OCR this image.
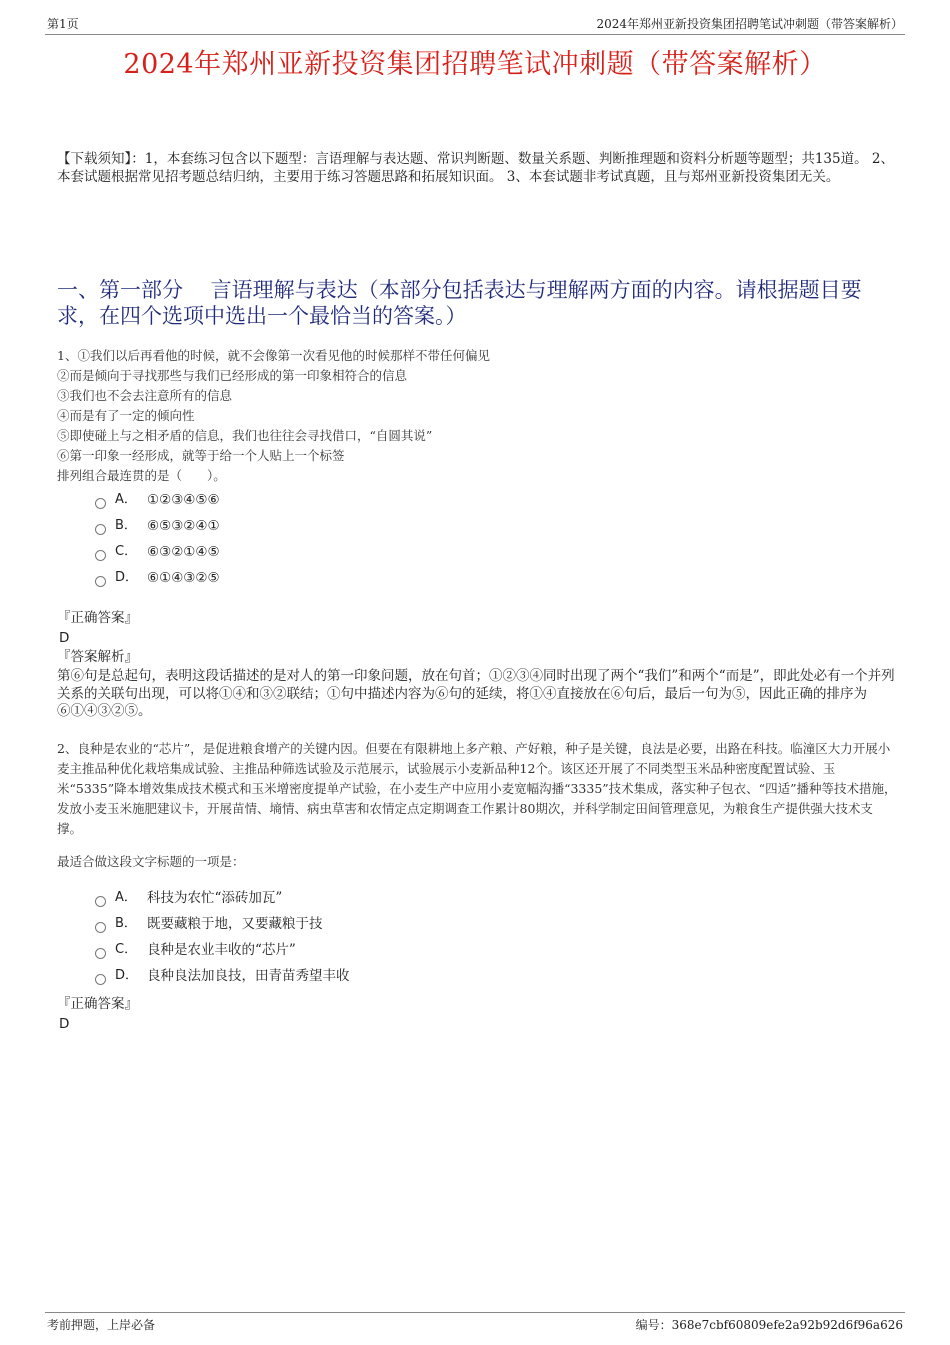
第1页	2024年郑州亚新投资集团招聘笔试冲刺题（带答案解析）
2024年郑州亚新投资集团招聘笔试冲刺题（带答案解析）
【下载须知】：1，本套练习包含以下题型：言语理解与表达题、常识判断题、数量关系题、判断推理题和资料分析题等题型；共135道。 2、本套试题根据常见招考题总结归纳，主要用于练习答题思路和拓展知识面。 3、本套试题非考试真题，且与郑州亚新投资集团无关。
一、第一部分　 言语理解与表达（本部分包括表达与理解两方面的内容。请根据题目要求，在四个选项中选出一个最恰当的答案。）
1、①我们以后再看他的时候，就不会像第一次看见他的时候那样不带任何偏见
②而是倾向于寻找那些与我们已经形成的第一印象相符合的信息
③我们也不会去注意所有的信息
④而是有了一定的倾向性
⑤即使碰上与之相矛盾的信息，我们也往往会寻找借口，“自圆其说”
⑥第一印象一经形成，就等于给一个人贴上一个标签
排列组合最连贯的是（　　）。
A． ①②③④⑤⑥
B． ⑥⑤③②④①
C． ⑥③②①④⑤
D． ⑥①④③②⑤
『正确答案』
D
『答案解析』
第⑥句是总起句，表明这段话描述的是对人的第一印象问题，放在句首；①②③④同时出现了两个“我们”和两个“而是”，即此处必有一个并列关系的关联句出现，可以将①④和③②联结；①句中描述内容为⑥句的延续，将①④直接放在⑥句后，最后一句为⑤，因此正确的排序为⑥①④③②⑤。
2、良种是农业的“芯片”，是促进粮食增产的关键内因。但要在有限耕地上多产粮、产好粮，种子是关键，良法是必要，出路在科技。临潼区大力开展小麦主推品种优化栽培集成试验、主推品种筛选试验及示范展示，试验展示小麦新品种12个。该区还开展了不同类型玉米品种密度配置试验、玉米“5335”降本增效集成技术模式和玉米增密度提单产试验，在小麦生产中应用小麦宽幅沟播“3335”技术集成，落实种子包衣、“四适”播种等技术措施，发放小麦玉米施肥建议卡，开展苗情、墒情、病虫草害和农情定点定期调查工作累计80期次，并科学制定田间管理意见，为粮食生产提供强大技术支撑。
最适合做这段文字标题的一项是：
A． 科技为农忙“添砖加瓦”
B． 既要藏粮于地，又要藏粮于技
C． 良种是农业丰收的“芯片”
D． 良种良法加良技，田青苗秀望丰收
『正确答案』
D
考前押题，上岸必备	编号：368e7cbf60809efe2a92b92d6f96a626
